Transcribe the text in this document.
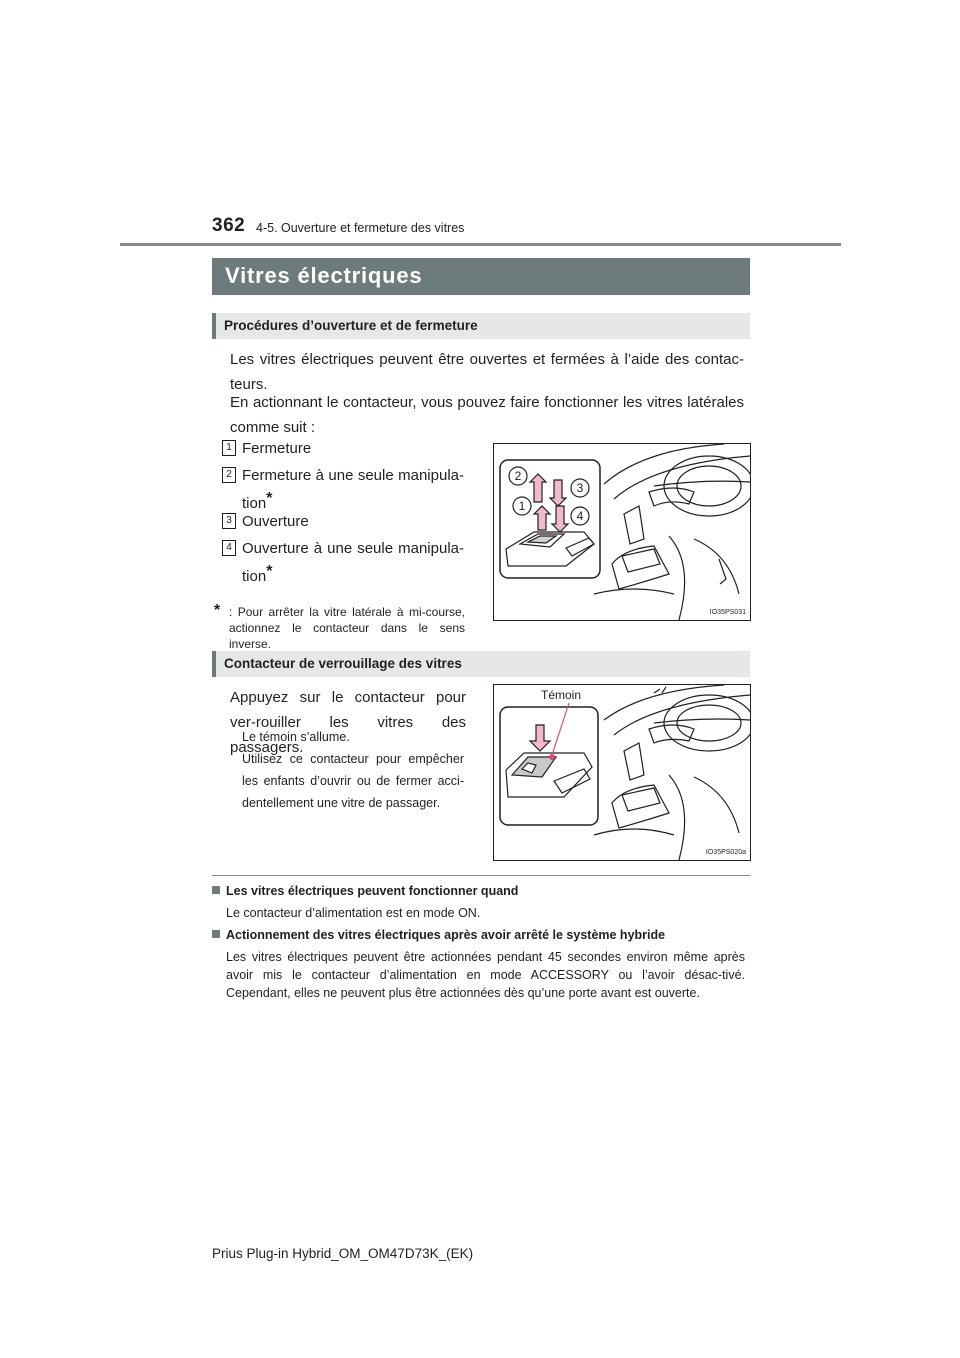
362 4-5. Ouverture et fermeture des vitres
Vitres électriques
Procédures d’ouverture et de fermeture
Les vitres électriques peuvent être ouvertes et fermées à l’aide des contac-teurs.
En actionnant le contacteur, vous pouvez faire fonctionner les vitres latérales comme suit :
1 Fermeture
2 Fermeture à une seule manipula-tion*
3 Ouverture
4 Ouverture à une seule manipula-tion*
* : Pour arrêter la vitre latérale à mi-course, actionnez le contacteur dans le sens inverse.
2
3
1
4
IO35PS031
Contacteur de verrouillage des vitres
Appuyez sur le contacteur pour ver-rouiller les vitres des passagers.
Le témoin s’allume.
Utilisez ce contacteur pour empêcher les enfants d’ouvrir ou de fermer acci-dentellement une vitre de passager.
Témoin
IO35PS020a
Les vitres électriques peuvent fonctionner quand
Le contacteur d’alimentation est en mode ON.
Actionnement des vitres électriques après avoir arrêté le système hybride
Les vitres électriques peuvent être actionnées pendant 45 secondes environ même après avoir mis le contacteur d’alimentation en mode ACCESSORY ou l’avoir désac-tivé. Cependant, elles ne peuvent plus être actionnées dès qu’une porte avant est ouverte.
Prius Plug-in Hybrid_OM_OM47D73K_(EK)
